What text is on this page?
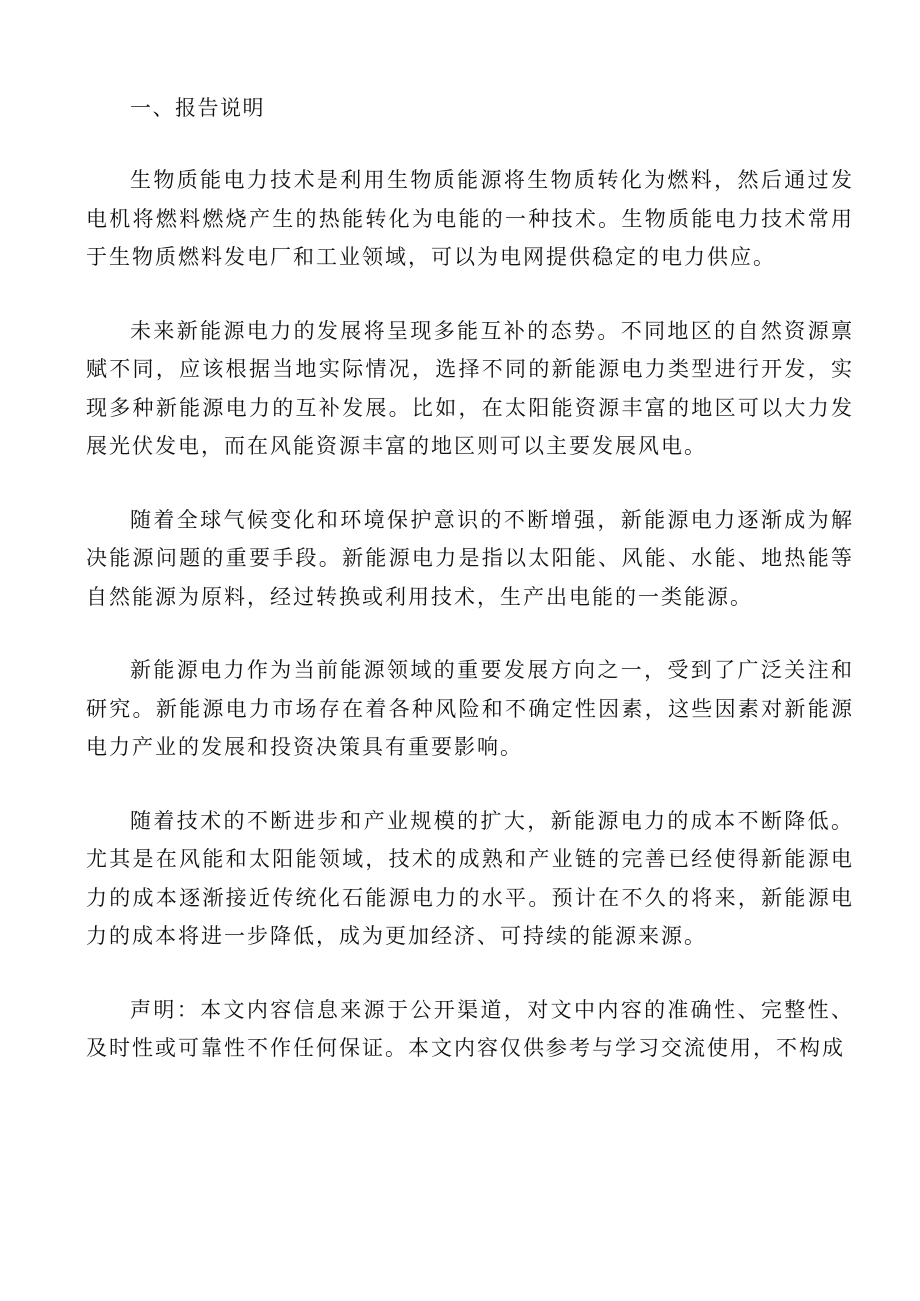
一、报告说明

生物质能电力技术是利用生物质能源将生物质转化为燃料，然后通过发电机将燃料燃烧产生的热能转化为电能的一种技术。生物质能电力技术常用于生物质燃料发电厂和工业领域，可以为电网提供稳定的电力供应。

未来新能源电力的发展将呈现多能互补的态势。不同地区的自然资源禀赋不同，应该根据当地实际情况，选择不同的新能源电力类型进行开发，实现多种新能源电力的互补发展。比如，在太阳能资源丰富的地区可以大力发展光伏发电，而在风能资源丰富的地区则可以主要发展风电。

随着全球气候变化和环境保护意识的不断增强，新能源电力逐渐成为解决能源问题的重要手段。新能源电力是指以太阳能、风能、水能、地热能等自然能源为原料，经过转换或利用技术，生产出电能的一类能源。

新能源电力作为当前能源领域的重要发展方向之一，受到了广泛关注和研究。新能源电力市场存在着各种风险和不确定性因素，这些因素对新能源电力产业的发展和投资决策具有重要影响。

随着技术的不断进步和产业规模的扩大，新能源电力的成本不断降低。尤其是在风能和太阳能领域，技术的成熟和产业链的完善已经使得新能源电力的成本逐渐接近传统化石能源电力的水平。预计在不久的将来，新能源电力的成本将进一步降低，成为更加经济、可持续的能源来源。

声明：本文内容信息来源于公开渠道，对文中内容的准确性、完整性、及时性或可靠性不作任何保证。本文内容仅供参考与学习交流使用，不构成
